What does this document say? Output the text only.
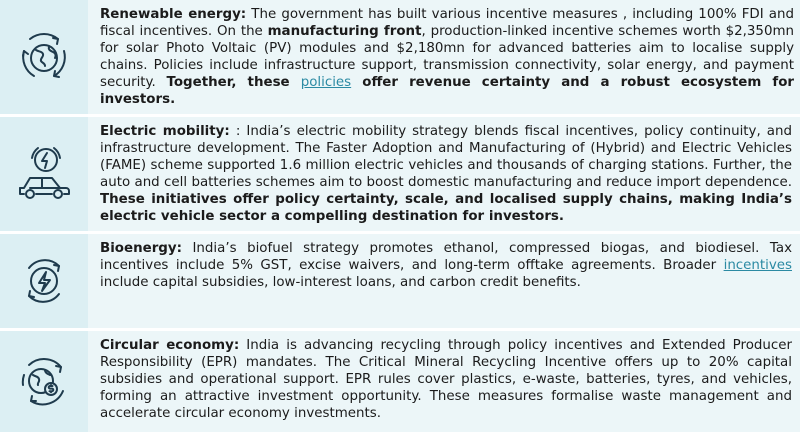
Renewable energy: The government has built various incentive measures , including 100% FDI and fiscal incentives. On the manufacturing front, production-linked incentive schemes worth $2,350mn for solar Photo Voltaic (PV) modules and $2,180mn for advanced batteries aim to localise supply chains. Policies include infrastructure support, transmission connectivity, solar energy, and payment security. Together, these policies offer revenue certainty and a robust ecosystem for investors.
Electric mobility: : India’s electric mobility strategy blends fiscal incentives, policy continuity, and infrastructure development. The Faster Adoption and Manufacturing of (Hybrid) and Electric Vehicles (FAME) scheme supported 1.6 million electric vehicles and thousands of charging stations. Further, the auto and cell batteries schemes aim to boost domestic manufacturing and reduce import dependence. These initiatives offer policy certainty, scale, and localised supply chains, making India’s electric vehicle sector a compelling destination for investors.
Bioenergy: India’s biofuel strategy promotes ethanol, compressed biogas, and biodiesel. Tax incentives include 5% GST, excise waivers, and long-term offtake agreements. Broader incentives include capital subsidies, low-interest loans, and carbon credit benefits.
Circular economy: India is advancing recycling through policy incentives and Extended Producer Responsibility (EPR) mandates. The Critical Mineral Recycling Incentive offers up to 20% capital subsidies and operational support. EPR rules cover plastics, e-waste, batteries, tyres, and vehicles, forming an attractive investment opportunity. These measures formalise waste management and accelerate circular economy investments.
